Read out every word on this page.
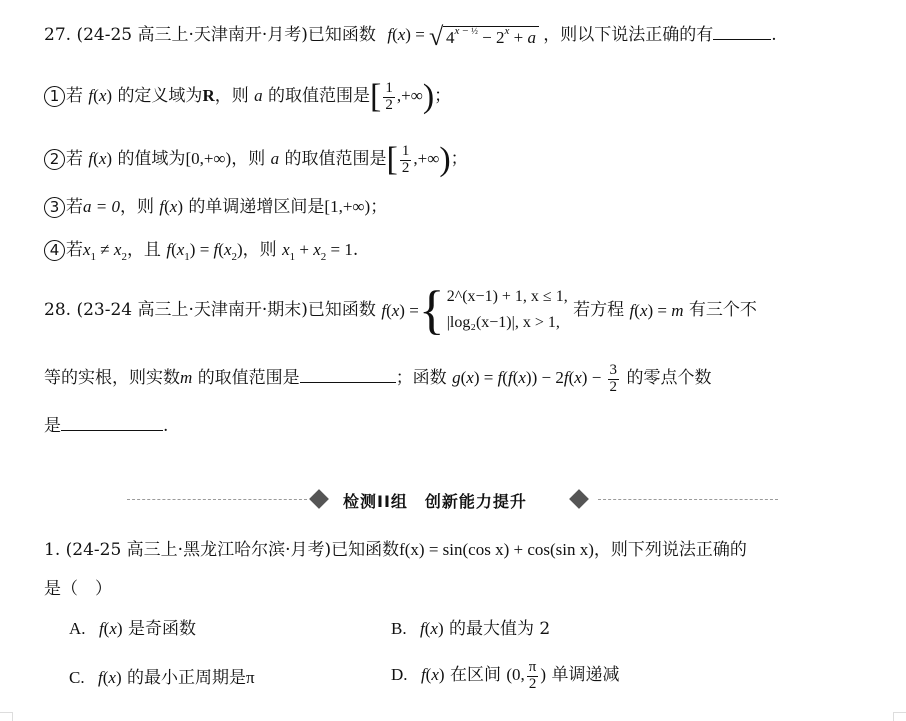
27. (24-25 高三上·天津南开·月考)已知函数 f(x) = √ $4^{x - \frac{1}{2}} - 2^x + a$ ，则以下说法正确的有	.
1 若 f(x) 的定义域为R，则 a 的取值范围是[ $\frac{1}{2}$ ,+∞)；
2 若 f(x) 的值域为[0,+∞)，则 a 的取值范围是[ $\frac{1}{2}$ ,+∞)；
3 若a = 0，则 f(x) 的单调递增区间是[1,+∞)；
4 若$x_1 \ne x_2$，且 $f(x_1) = f(x_2)$，则 $x_1 + x_2 = 1$.
28. (23-24 高三上·天津南开·期末)已知函数 f(x) = { 2^(x−1) + 1, x ≤ 1,
|log₂(x−1)|, x > 1,
若方程 f(x) = m 有三个不
等的实根，则实数m 的取值范围是	；函数 $g(x) = f(f(x)) - 2f(x) - \frac{3}{2}$ 的零点个数
是	.
检测II组　创新能力提升
1. (24-25 高三上·黑龙江哈尔滨·月考)已知函数f(x) = sin(cos x) + cos(sin x)，则下列说法正确的
是（　）
A. f(x) 是奇函数	B. f(x) 的最大值为 2
C. f(x) 的最小正周期是π	D. f(x) 在区间 (0, $\frac{\pi}{2}$ ) 单调递减
